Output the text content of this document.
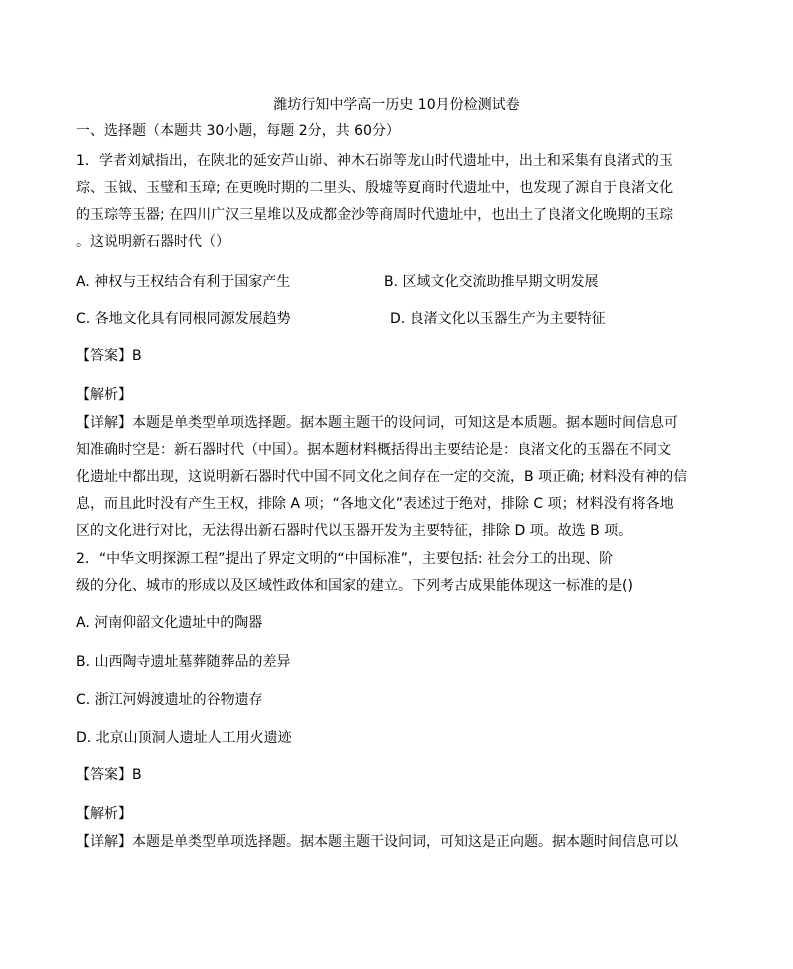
潍坊行知中学高一历史 10月份检测试卷
一、选择题（本题共 30小题，每题 2分，共 60分）
1．学者刘斌指出，在陕北的延安芦山峁、神木石峁等龙山时代遗址中，出土和采集有良渚式的玉
琮、玉钺、玉璧和玉璋; 在更晚时期的二里头、殷墟等夏商时代遗址中，也发现了源自于良渚文化
的玉琮等玉器; 在四川广汉三星堆以及成都金沙等商周时代遗址中，也出土了良渚文化晚期的玉琮
。这说明新石器时代（）
A. 神权与王权结合有利于国家产生	B. 区域文化交流助推早期文明发展
C. 各地文化具有同根同源发展趋势	D. 良渚文化以玉器生产为主要特征
【答案】B
【解析】
【详解】本题是单类型单项选择题。据本题主题干的设问词，可知这是本质题。据本题时间信息可
知准确时空是：新石器时代（中国）。据本题材料概括得出主要结论是：良渚文化的玉器在不同文
化遗址中都出现，这说明新石器时代中国不同文化之间存在一定的交流，B 项正确; 材料没有神的信
息，而且此时没有产生王权，排除 A 项；“各地文化”表述过于绝对，排除 C 项；材料没有将各地
区的文化进行对比，无法得出新石器时代以玉器开发为主要特征，排除 D 项。故选 B 项。
2．“中华文明探源工程”提出了界定文明的“中国标准”，主要包括: 社会分工的出现、阶
级的分化、城市的形成以及区域性政体和国家的建立。下列考古成果能体现这一标准的是()
A. 河南仰韶文化遗址中的陶器
B. 山西陶寺遗址墓葬随葬品的差异
C. 浙江河姆渡遗址的谷物遗存
D. 北京山顶洞人遗址人工用火遗迹
【答案】B
【解析】
【详解】本题是单类型单项选择题。据本题主题干设问词，可知这是正向题。据本题时间信息可以
